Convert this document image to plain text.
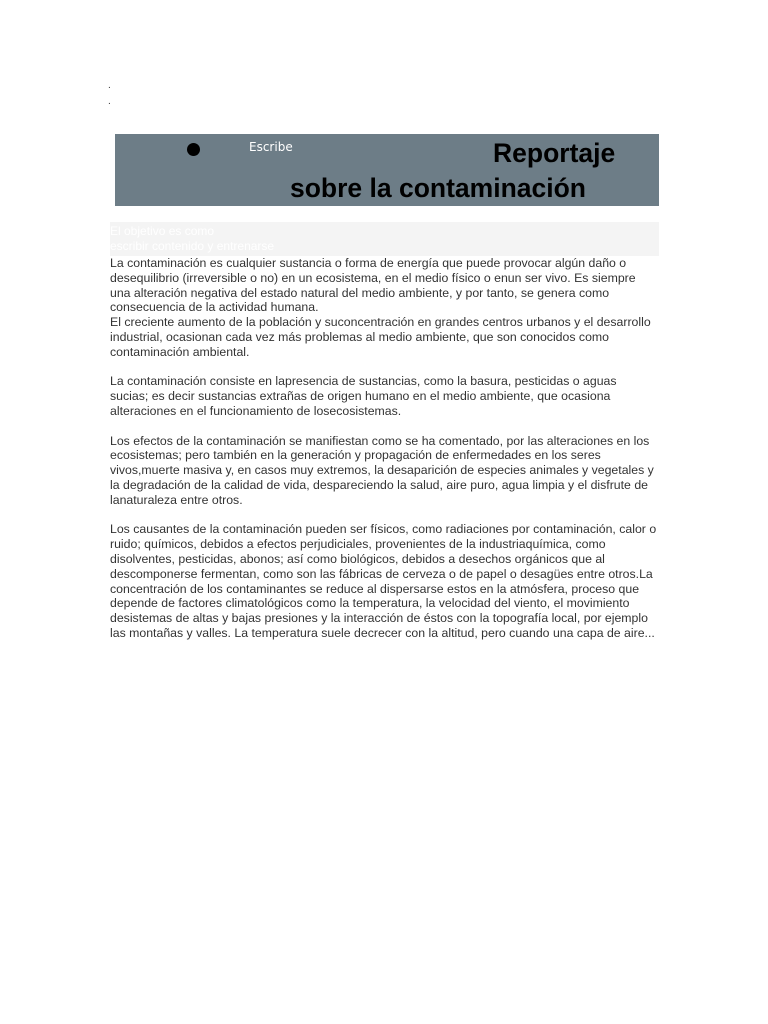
.
.
Escribe	Reportaje sobre la contaminación
El objetivo es como
escribir contenido y entrenarse

La contaminación es cualquier sustancia o forma de energía que puede provocar algún daño o desequilibrio (irreversible o no) en un ecosistema, en el medio físico o enun ser vivo. Es siempre una alteración negativa del estado natural del medio ambiente, y por tanto, se genera como consecuencia de la actividad humana.

El creciente aumento de la población y suconcentración en grandes centros urbanos y el desarrollo industrial, ocasionan cada vez más problemas al medio ambiente, que son conocidos como contaminación ambiental.

La contaminación consiste en lapresencia de sustancias, como la basura, pesticidas o aguas sucias; es decir sustancias extrañas de origen humano en el medio ambiente, que ocasiona alteraciones en el funcionamiento de losecosistemas.

Los efectos de la contaminación se manifiestan como se ha comentado, por las alteraciones en los ecosistemas; pero también en la generación y propagación de enfermedades en los seres vivos,muerte masiva y, en casos muy extremos, la desaparición de especies animales y vegetales y la degradación de la calidad de vida, despareciendo la salud, aire puro, agua limpia y el disfrute de lanaturaleza entre otros.

Los causantes de la contaminación pueden ser físicos, como radiaciones por contaminación, calor o ruido; químicos, debidos a efectos perjudiciales, provenientes de la industriaquímica, como disolventes, pesticidas, abonos; así como biológicos, debidos a desechos orgánicos que al descomponerse fermentan, como son las fábricas de cerveza o de papel o desagües entre otros.La concentración de los contaminantes se reduce al dispersarse estos en la atmósfera, proceso que depende de factores climatológicos como la temperatura, la velocidad del viento, el movimiento desistemas de altas y bajas presiones y la interacción de éstos con la topografía local, por ejemplo las montañas y valles. La temperatura suele decrecer con la altitud, pero cuando una capa de aire...
